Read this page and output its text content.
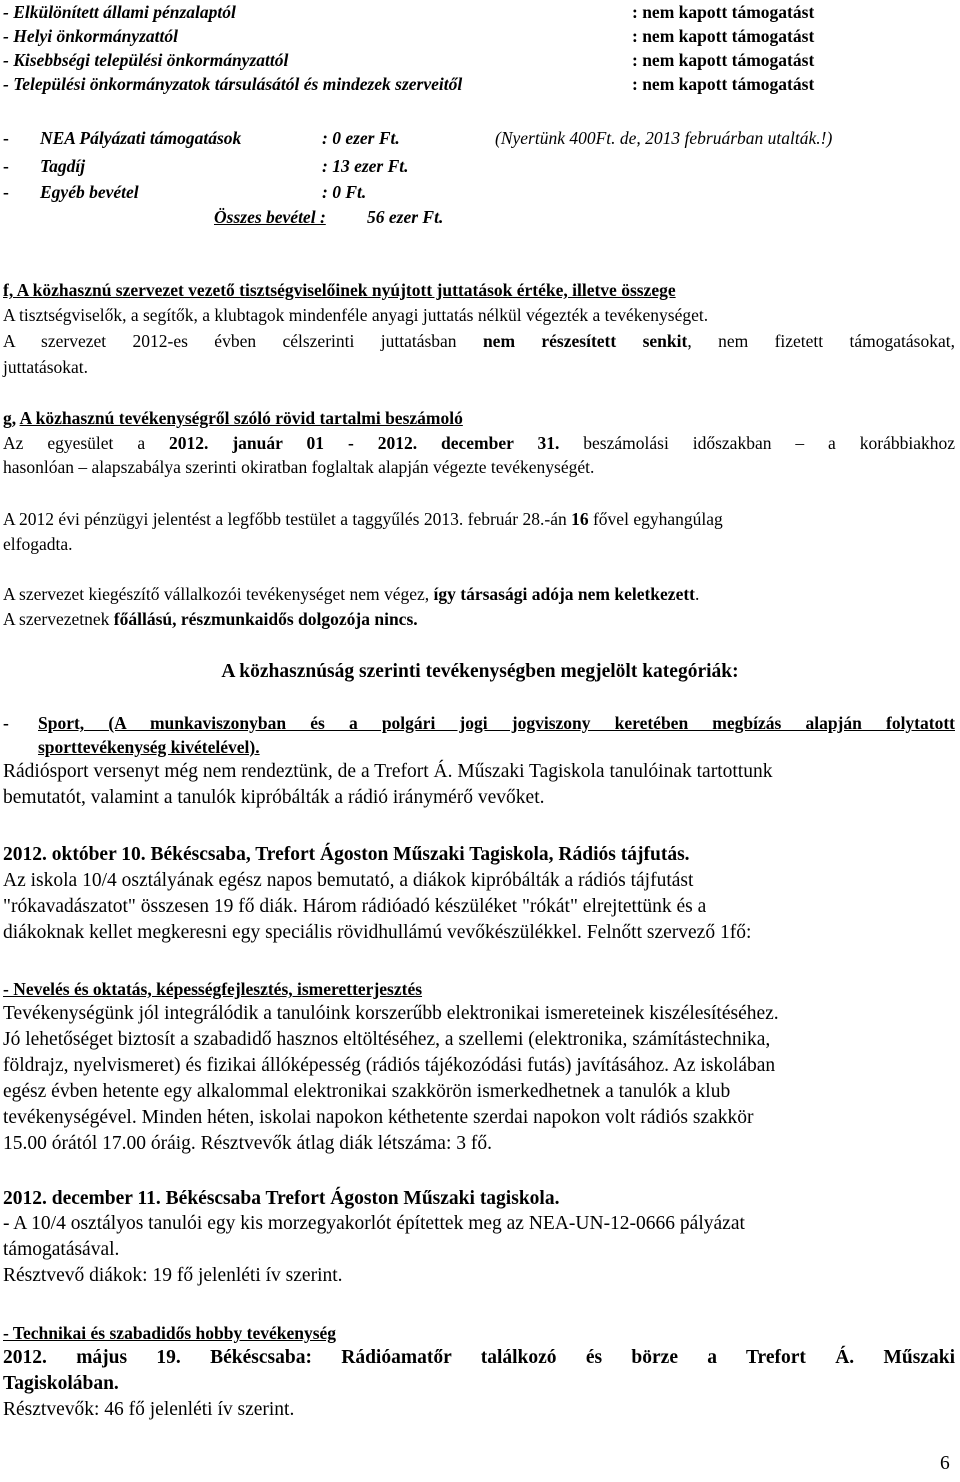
- Elkülönített állami pénzalaptól	: nem kapott támogatást
- Helyi önkormányzattól	: nem kapott támogatást
- Kisebbségi települési önkormányzattól	: nem kapott támogatást
- Települési önkormányzatok társulásától és mindezek szerveitől	: nem kapott támogatást
- NEA Pályázati támogatások	: 0 ezer Ft.	(Nyertünk 400Ft. de, 2013 februárban utalták.!)
- Tagdíj	: 13 ezer Ft.
- Egyéb bevétel	: 0 Ft.
Összes bevétel : 56 ezer Ft.
f, A közhasznú szervezet vezető tisztségviselőinek nyújtott juttatások értéke, illetve összege
A tisztségviselők, a segítők, a klubtagok mindenféle anyagi juttatás nélkül végezték a tevékenységet.
A szervezet 2012-es évben célszerinti juttatásban nem részesített senkit, nem fizetett támogatásokat,
juttatásokat.
g, A közhasznú tevékenységről szóló rövid tartalmi beszámoló
Az egyesület a 2012. január 01 - 2012. december 31. beszámolási időszakban – a korábbiakhoz
hasonlóan – alapszabálya szerinti okiratban foglaltak alapján végezte tevékenységét.
A 2012 évi pénzügyi jelentést a legfőbb testület a taggyűlés 2013. február 28.-án 16 fővel egyhangúlag
elfogadta.
A szervezet kiegészítő vállalkozói tevékenységet nem végez, így társasági adója nem keletkezett.
A szervezetnek főállású, részmunkaidős dolgozója nincs.
A közhasznúság szerinti tevékenységben megjelölt kategóriák:
- Sport, (A munkaviszonyban és a polgári jogi jogviszony keretében megbízás alapján folytatott
sporttevékenység kivételével).
Rádiósport versenyt még nem rendeztünk, de a Trefort Á. Műszaki Tagiskola tanulóinak tartottunk
bemutatót, valamint a tanulók kipróbálták a rádió iránymérő vevőket.
2012. október 10. Békéscsaba, Trefort Ágoston Műszaki Tagiskola, Rádiós tájfutás.
Az iskola 10/4 osztályának egész napos bemutató, a diákok kipróbálták a rádiós tájfutást
"rókavadászatot" összesen 19 fő diák. Három rádióadó készüléket "rókát" elrejtettünk és a
diákoknak kellet megkeresni egy speciális rövidhullámú vevőkészülékkel. Felnőtt szervező 1fő:
- Nevelés és oktatás, képességfejlesztés, ismeretterjesztés
Tevékenységünk jól integrálódik a tanulóink korszerűbb elektronikai ismereteinek kiszélesítéséhez.
Jó lehetőséget biztosít a szabadidő hasznos eltöltéséhez, a szellemi (elektronika, számítástechnika,
földrajz, nyelvismeret) és fizikai állóképesség (rádiós tájékozódási futás) javításához. Az iskolában
egész évben hetente egy alkalommal elektronikai szakkörön ismerkedhetnek a tanulók a klub
tevékenységével. Minden héten, iskolai napokon kéthetente szerdai napokon volt rádiós szakkör
15.00 órától 17.00 óráig. Résztvevők átlag diák létszáma: 3 fő.
2012. december 11. Békéscsaba Trefort Ágoston Műszaki tagiskola.
- A 10/4 osztályos tanulói egy kis morzegyakorlót építettek meg az NEA-UN-12-0666 pályázat
támogatásával.
Résztvevő diákok: 19 fő jelenléti ív szerint.
- Technikai és szabadidős hobby tevékenység
2012.  május  19.  Békéscsaba:  Rádióamatőr  találkozó  és  börze  a  Trefort  Á.  Műszaki
Tagiskolában.
Résztvevők: 46 fő jelenléti ív szerint.
6
